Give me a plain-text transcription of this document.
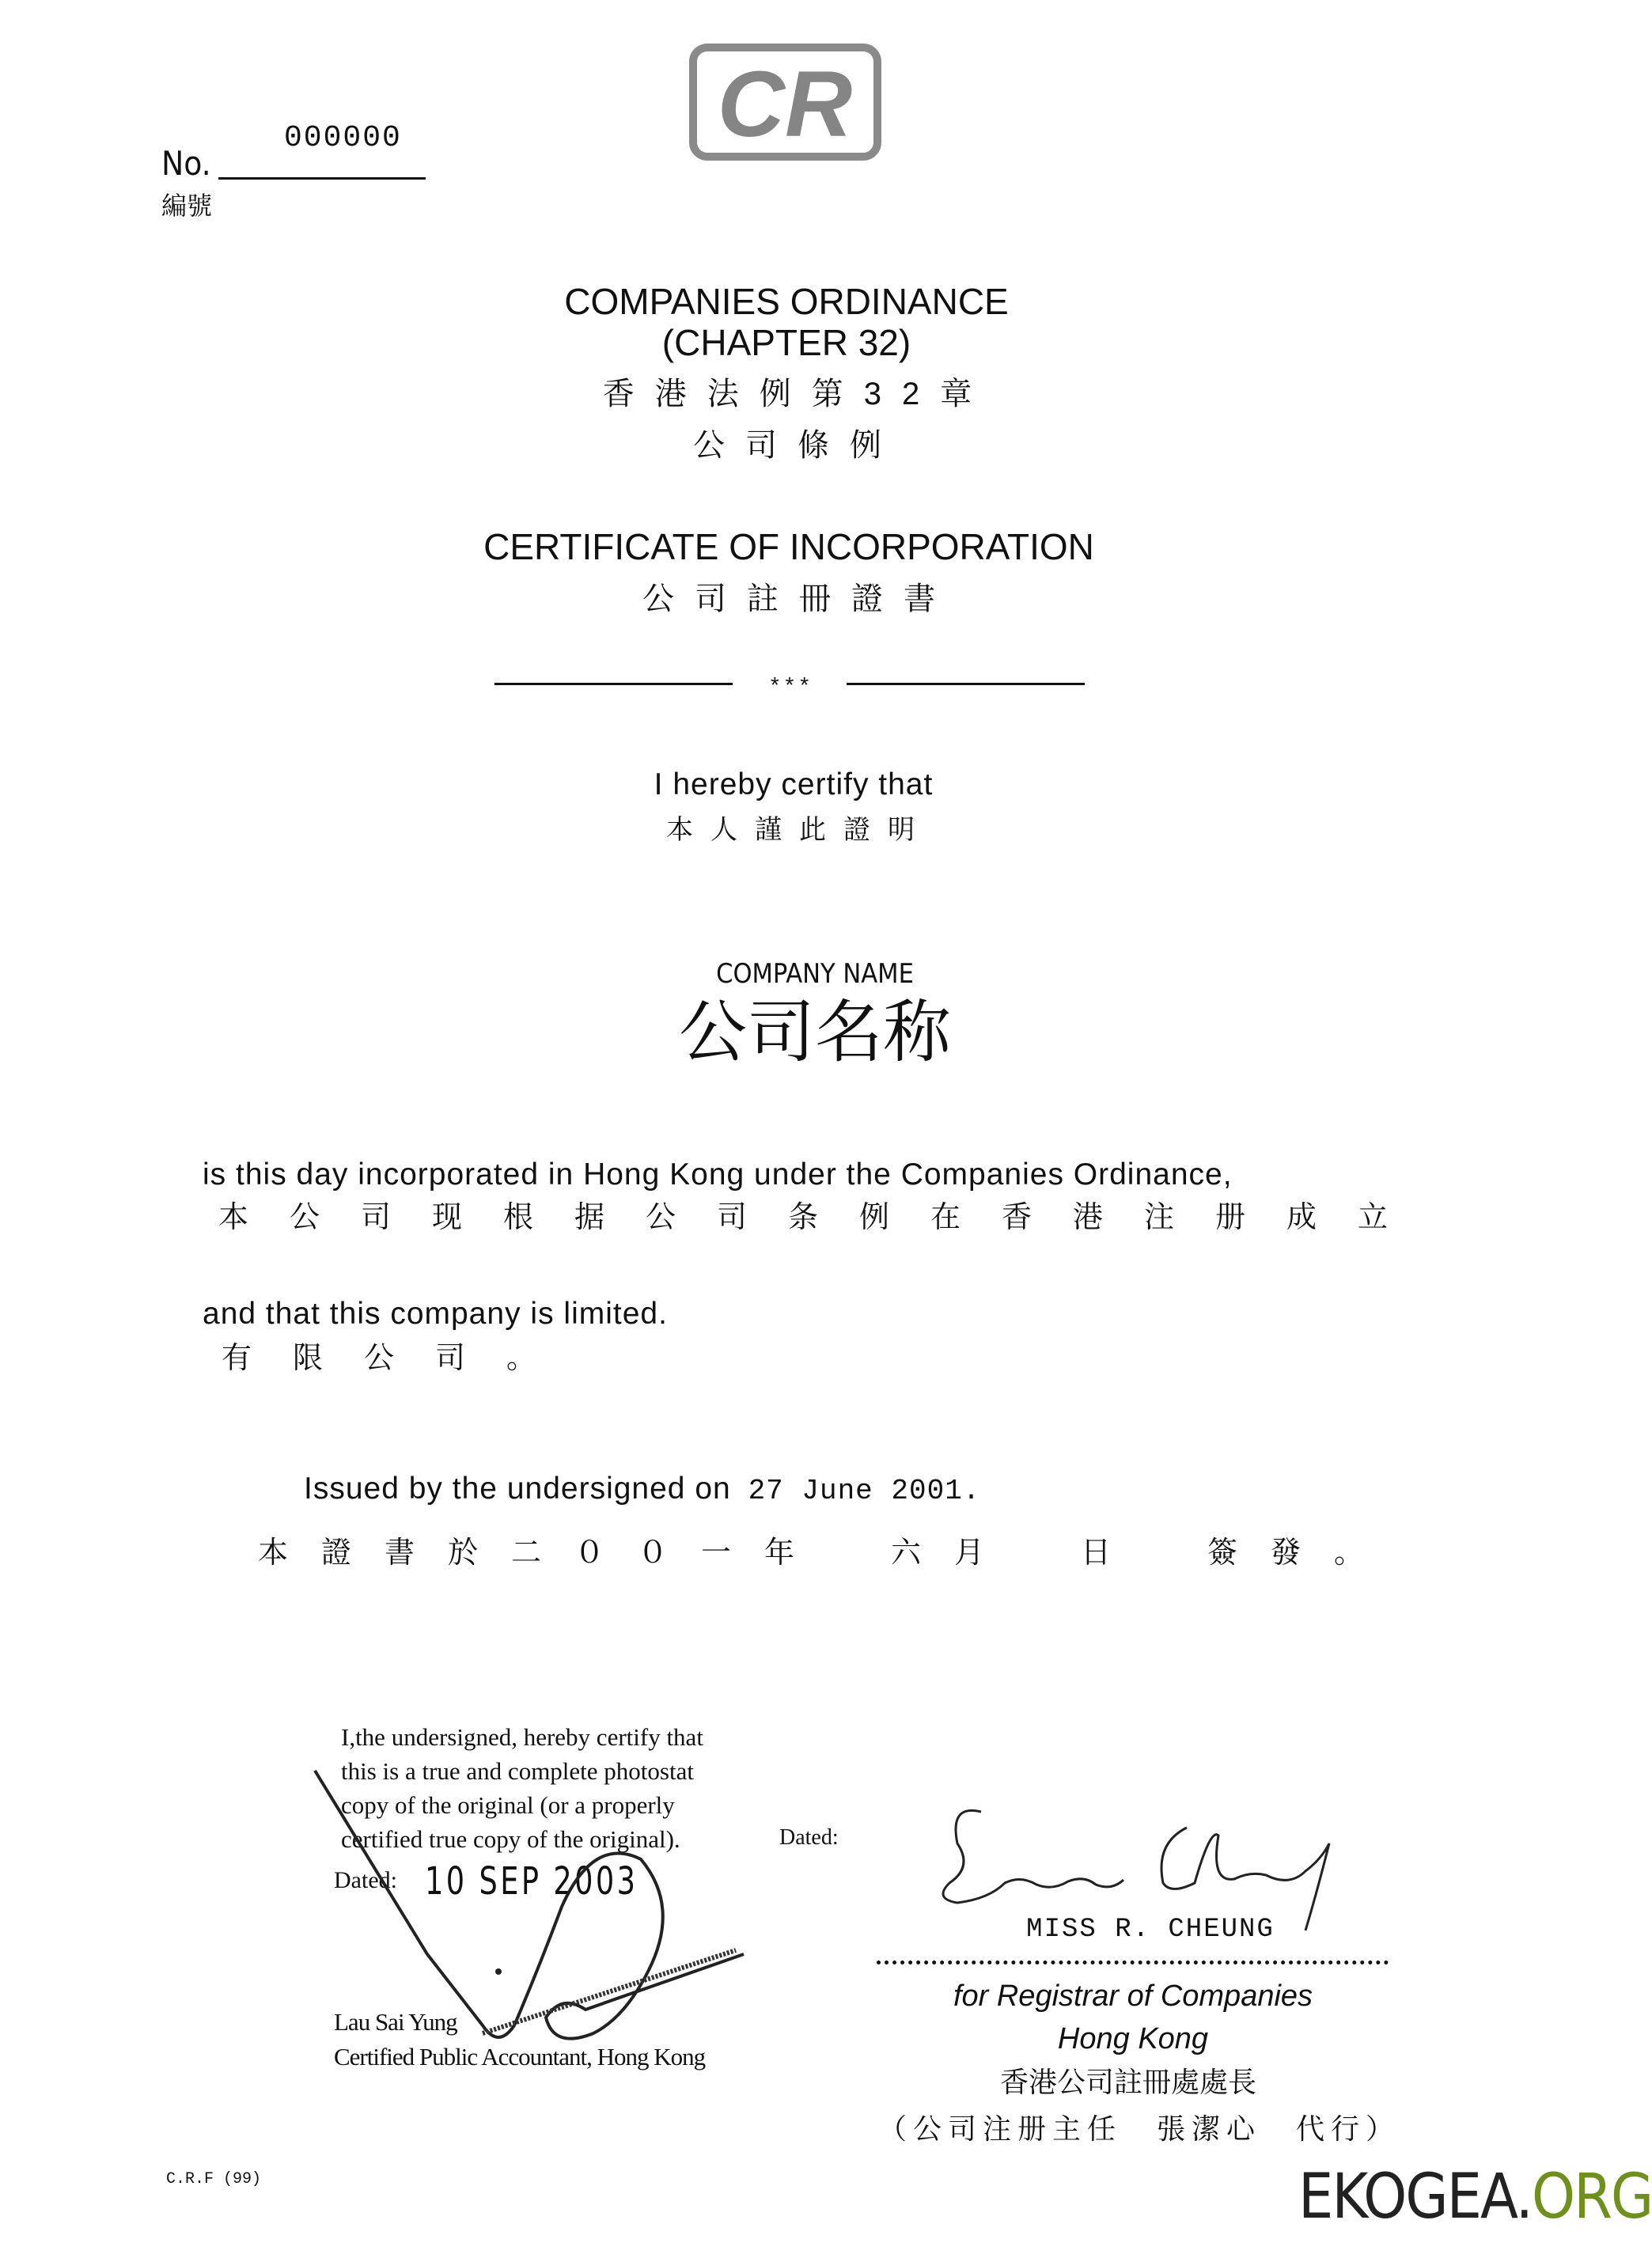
000000
No.
編號
CR
COMPANIES ORDINANCE
(CHAPTER 32)
香港法例第32章
公司條例
CERTIFICATE OF INCORPORATION
公司註冊證書
* * *
I hereby certify that
本人謹此證明
COMPANY NAME
公司名称
is this day incorporated in Hong Kong under the Companies Ordinance,
本公司现根据公司条例在香港注册成立
and that this company is limited.
有限公司。
Issued by the undersigned on 27 June 2001.
本證書於二００一年　六月　日　簽發。
I,the undersigned, hereby certify that
this is a true and complete photostat
copy of the original (or a properly
certified true copy of the original).	Dated:
Dated: 10 SEP 2003
Lau Sai Yung
Certified Public Accountant, Hong Kong
MISS R. CHEUNG
for Registrar of Companies
Hong Kong
香港公司註冊處處長
（公司注册主任　張潔心　代行）
C.R.F (99)	EKOGEA.ORG
